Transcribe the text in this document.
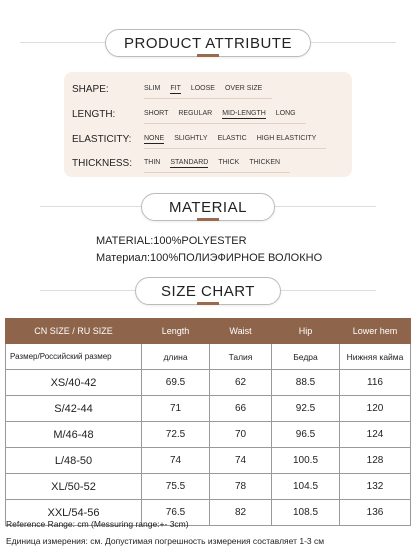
PRODUCT ATTRIBUTE
SHAPE:	SLIM FIT LOOSE OVER SIZE
LENGTH:	SHORT REGULAR MID-LENGTH LONG
ELASTICITY:	NONE SLIGHTLY ELASTIC HIGH ELASTICITY
THICKNESS:	THIN STANDARD THICK THICKEN
MATERIAL
MATERIAL:100%POLYESTER
Материал:100%ПОЛИЭФИРНОЕ ВОЛОКНО
SIZE CHART
CN SIZE / RU SIZE	Length	Waist	Hip	Lower hem
Размер/Российский размер	длина	Талия	Бедра	Нижняя кайма
XS/40-42	69.5	62	88.5	116
S/42-44	71	66	92.5	120
M/46-48	72.5	70	96.5	124
L/48-50	74	74	100.5	128
XL/50-52	75.5	78	104.5	132
XXL/54-56	76.5	82	108.5	136
Reference Range: cm (Messuring range:+- 3cm)
Единица измерения: см. Допустимая погрешность измерения составляет 1-3 см
